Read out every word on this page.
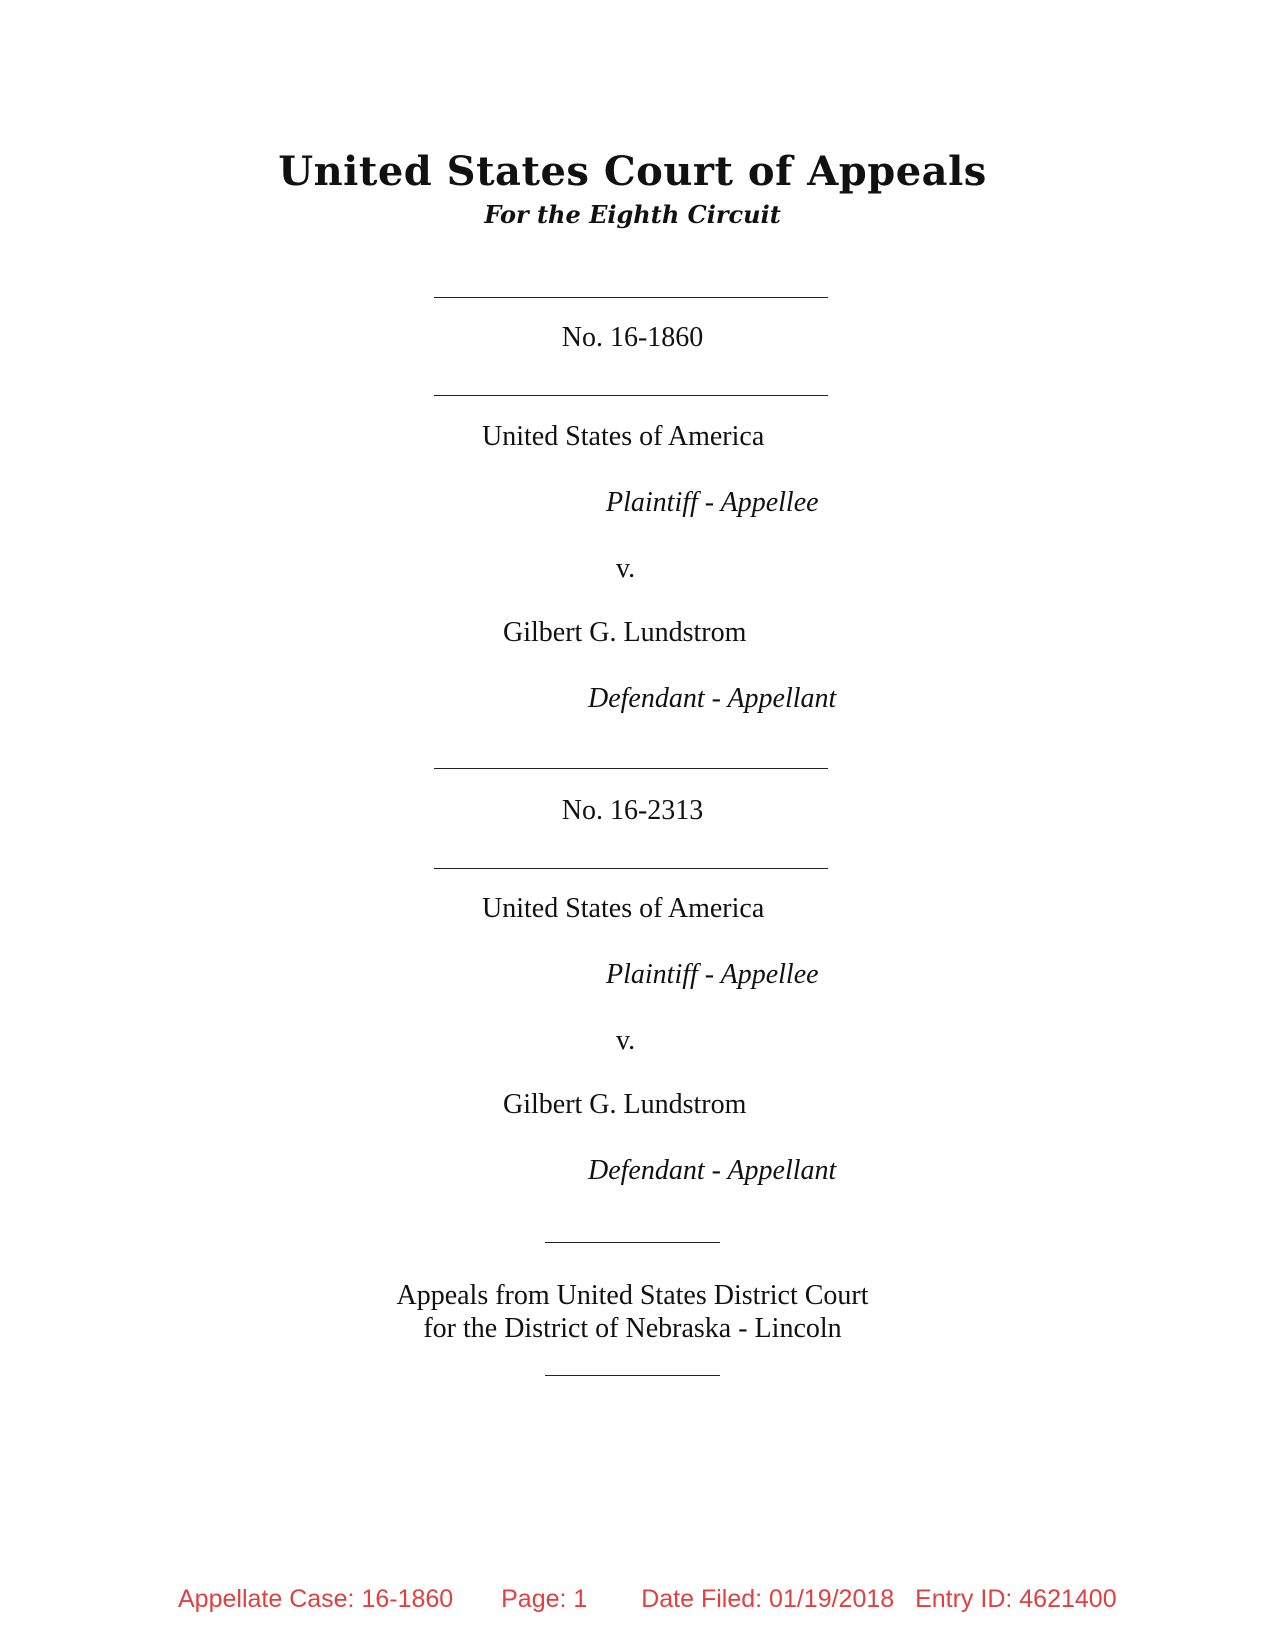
United States Court of Appeals
For the Eighth Circuit
No. 16-1860
United States of America
Plaintiff - Appellee
v.
Gilbert G. Lundstrom
Defendant - Appellant
No. 16-2313
United States of America
Plaintiff - Appellee
v.
Gilbert G. Lundstrom
Defendant - Appellant
Appeals from United States District Court
for the District of Nebraska - Lincoln
Appellate Case: 16-1860 Page: 1 Date Filed: 01/19/2018 Entry ID: 4621400
